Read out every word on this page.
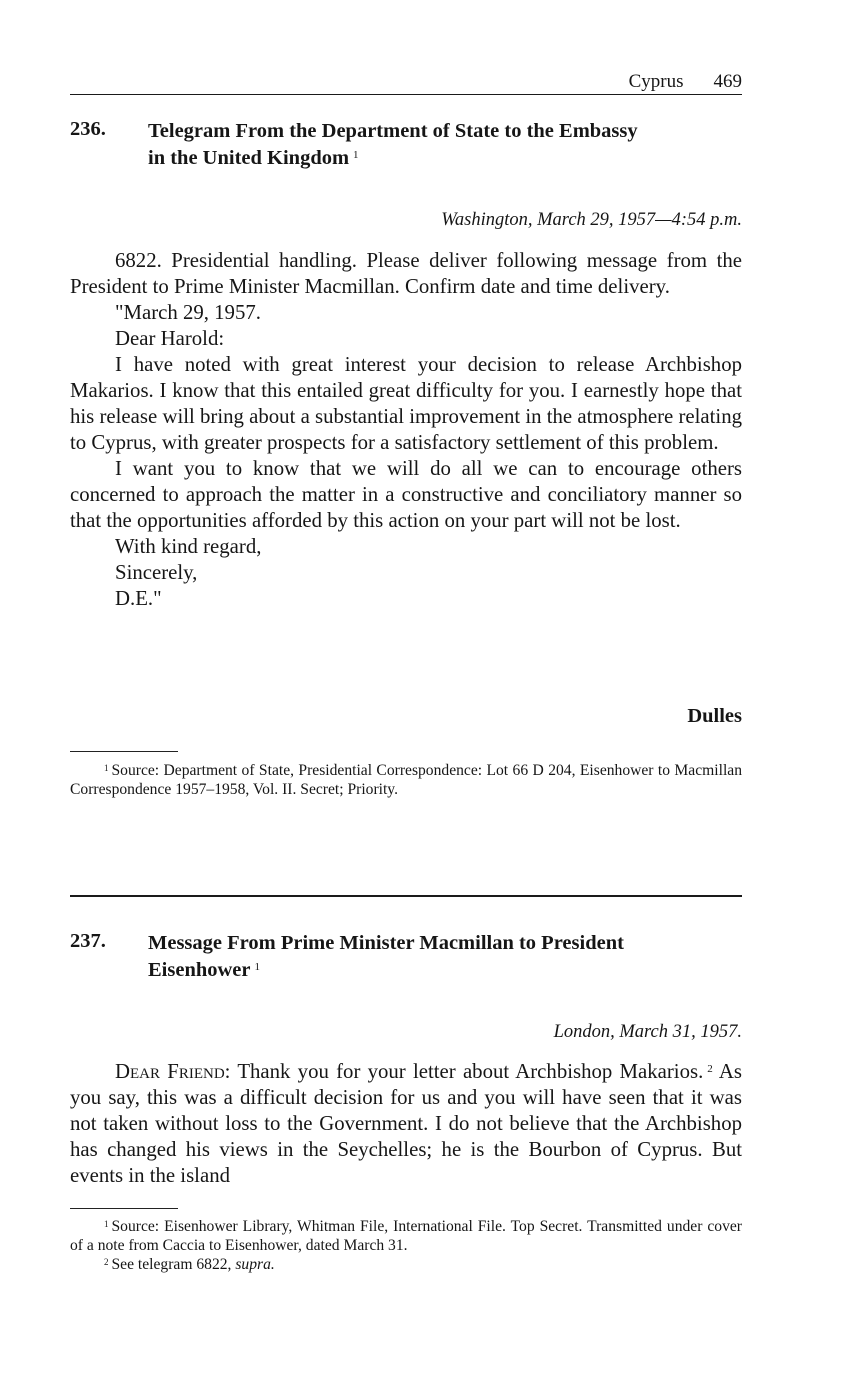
Cyprus 469
236. Telegram From the Department of State to the Embassy
in the United Kingdom $^1$
Washington, March 29, 1957—4:54 p.m.

6822. Presidential handling. Please deliver following message from the President to Prime Minister Macmillan. Confirm date and time delivery.

"March 29, 1957.

Dear Harold:

I have noted with great interest your decision to release Archbishop Makarios. I know that this entailed great difficulty for you. I earnestly hope that his release will bring about a substantial improvement in the atmosphere relating to Cyprus, with greater prospects for a satisfactory settlement of this problem.

I want you to know that we will do all we can to encourage others concerned to approach the matter in a constructive and conciliatory manner so that the opportunities afforded by this action on your part will not be lost.

With kind regard,

Sincerely,

D.E."

Dulles

$^1$ Source: Department of State, Presidential Correspondence: Lot 66 D 204, Eisenhower to Macmillan Correspondence 1957–1958, Vol. II. Secret; Priority.

237. Message From Prime Minister Macmillan to President
Eisenhower $^1$
London, March 31, 1957.

Dear Friend: Thank you for your letter about Archbishop Makarios. $^2$ As you say, this was a difficult decision for us and you will have seen that it was not taken without loss to the Government. I do not believe that the Archbishop has changed his views in the Seychelles; he is the Bourbon of Cyprus. But events in the island

$^1$ Source: Eisenhower Library, Whitman File, International File. Top Secret. Transmitted under cover of a note from Caccia to Eisenhower, dated March 31.

$^2$ See telegram 6822, supra.
